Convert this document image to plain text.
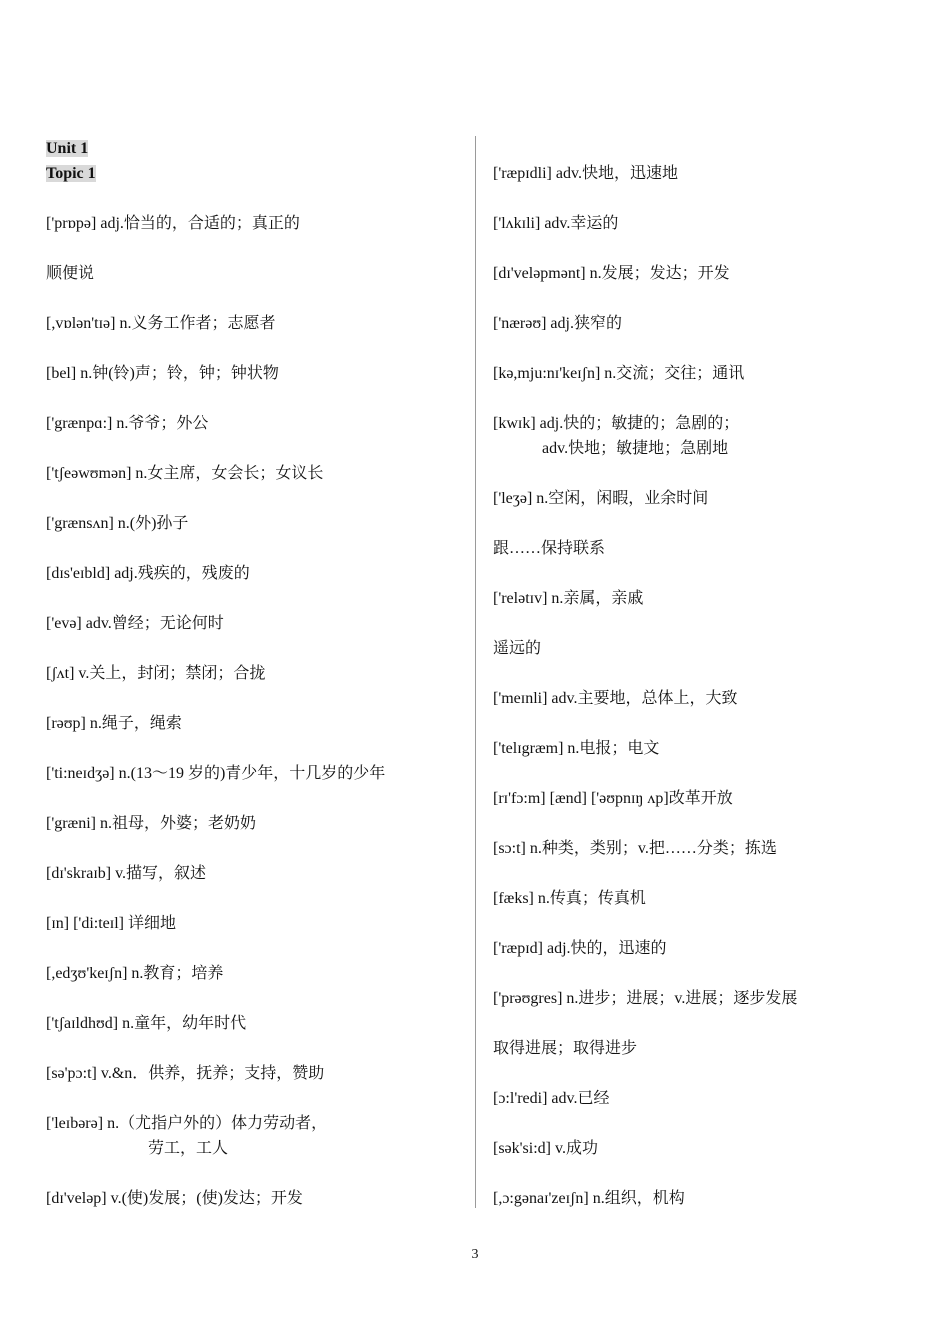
Unit 1
Topic 1
['prɒpə] adj.恰当的，合适的；真正的
顺便说
[,vɒlən'tɪə] n.义务工作者；志愿者
[bel] n.钟(铃)声；铃，钟；钟状物
['grænpɑ:] n.爷爷；外公
['tʃeəwʊmən] n.女主席，女会长；女议长
['grænsʌn] n.(外)孙子
[dɪs'eɪbld] adj.残疾的，残废的
['evə] adv.曾经；无论何时
[ʃʌt] v.关上，封闭；禁闭；合拢
[rəʊp] n.绳子，绳索
['ti:neɪdʒə] n.(13～19 岁的)青少年，十几岁的少年
['græni] n.祖母，外婆；老奶奶
[dɪ'skraɪb] v.描写，叙述
[ɪn] ['di:teɪl] 详细地
[,edʒʊ'keɪʃn] n.教育；培养
['tʃaɪldhʊd] n.童年，幼年时代
[sə'pɔ:t] v.&n．供养，抚养；支持，赞助
['leɪbərə] n.（尤指户外的）体力劳动者，
劳工，工人
[dɪ'veləp] v.(使)发展；(使)发达；开发
['ræpɪdli] adv.快地，迅速地
['lʌkɪli] adv.幸运的
[dɪ'veləpmənt] n.发展；发达；开发
['nærəʊ] adj.狭窄的
[kə,mju:nɪ'keɪʃn] n.交流；交往；通讯
[kwɪk] adj.快的；敏捷的；急剧的；
adv.快地；敏捷地；急剧地
['leʒə] n.空闲，闲暇，业余时间
跟……保持联系
['relətɪv] n.亲属，亲戚
遥远的
['meɪnli] adv.主要地，总体上，大致
['telɪgræm] n.电报；电文
[rɪ'fɔ:m] [ænd] ['əʊpnɪŋ ʌp]改革开放
[sɔ:t] n.种类，类别；v.把……分类；拣选
[fæks] n.传真；传真机
['ræpɪd] adj.快的，迅速的
['prəʊgres] n.进步；进展；v.进展；逐步发展
取得进展；取得进步
[ɔ:l'redi] adv.已经
[sək'si:d] v.成功
[,ɔ:gənaɪ'zeɪʃn] n.组织，机构
3
